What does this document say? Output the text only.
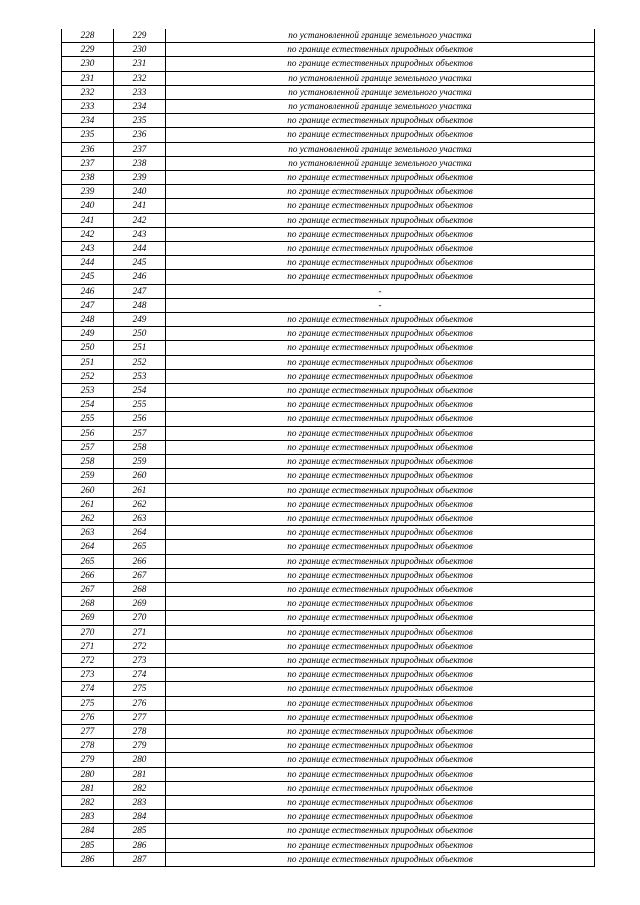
228	229	по установленной границе земельного участка
229	230	по границе естественных природных объектов
230	231	по границе естественных природных объектов
231	232	по установленной границе земельного участка
232	233	по установленной границе земельного участка
233	234	по установленной границе земельного участка
234	235	по границе естественных природных объектов
235	236	по границе естественных природных объектов
236	237	по установленной границе земельного участка
237	238	по установленной границе земельного участка
238	239	по границе естественных природных объектов
239	240	по границе естественных природных объектов
240	241	по границе естественных природных объектов
241	242	по границе естественных природных объектов
242	243	по границе естественных природных объектов
243	244	по границе естественных природных объектов
244	245	по границе естественных природных объектов
245	246	по границе естественных природных объектов
246	247	-
247	248	-
248	249	по границе естественных природных объектов
249	250	по границе естественных природных объектов
250	251	по границе естественных природных объектов
251	252	по границе естественных природных объектов
252	253	по границе естественных природных объектов
253	254	по границе естественных природных объектов
254	255	по границе естественных природных объектов
255	256	по границе естественных природных объектов
256	257	по границе естественных природных объектов
257	258	по границе естественных природных объектов
258	259	по границе естественных природных объектов
259	260	по границе естественных природных объектов
260	261	по границе естественных природных объектов
261	262	по границе естественных природных объектов
262	263	по границе естественных природных объектов
263	264	по границе естественных природных объектов
264	265	по границе естественных природных объектов
265	266	по границе естественных природных объектов
266	267	по границе естественных природных объектов
267	268	по границе естественных природных объектов
268	269	по границе естественных природных объектов
269	270	по границе естественных природных объектов
270	271	по границе естественных природных объектов
271	272	по границе естественных природных объектов
272	273	по границе естественных природных объектов
273	274	по границе естественных природных объектов
274	275	по границе естественных природных объектов
275	276	по границе естественных природных объектов
276	277	по границе естественных природных объектов
277	278	по границе естественных природных объектов
278	279	по границе естественных природных объектов
279	280	по границе естественных природных объектов
280	281	по границе естественных природных объектов
281	282	по границе естественных природных объектов
282	283	по границе естественных природных объектов
283	284	по границе естественных природных объектов
284	285	по границе естественных природных объектов
285	286	по границе естественных природных объектов
286	287	по границе естественных природных объектов
